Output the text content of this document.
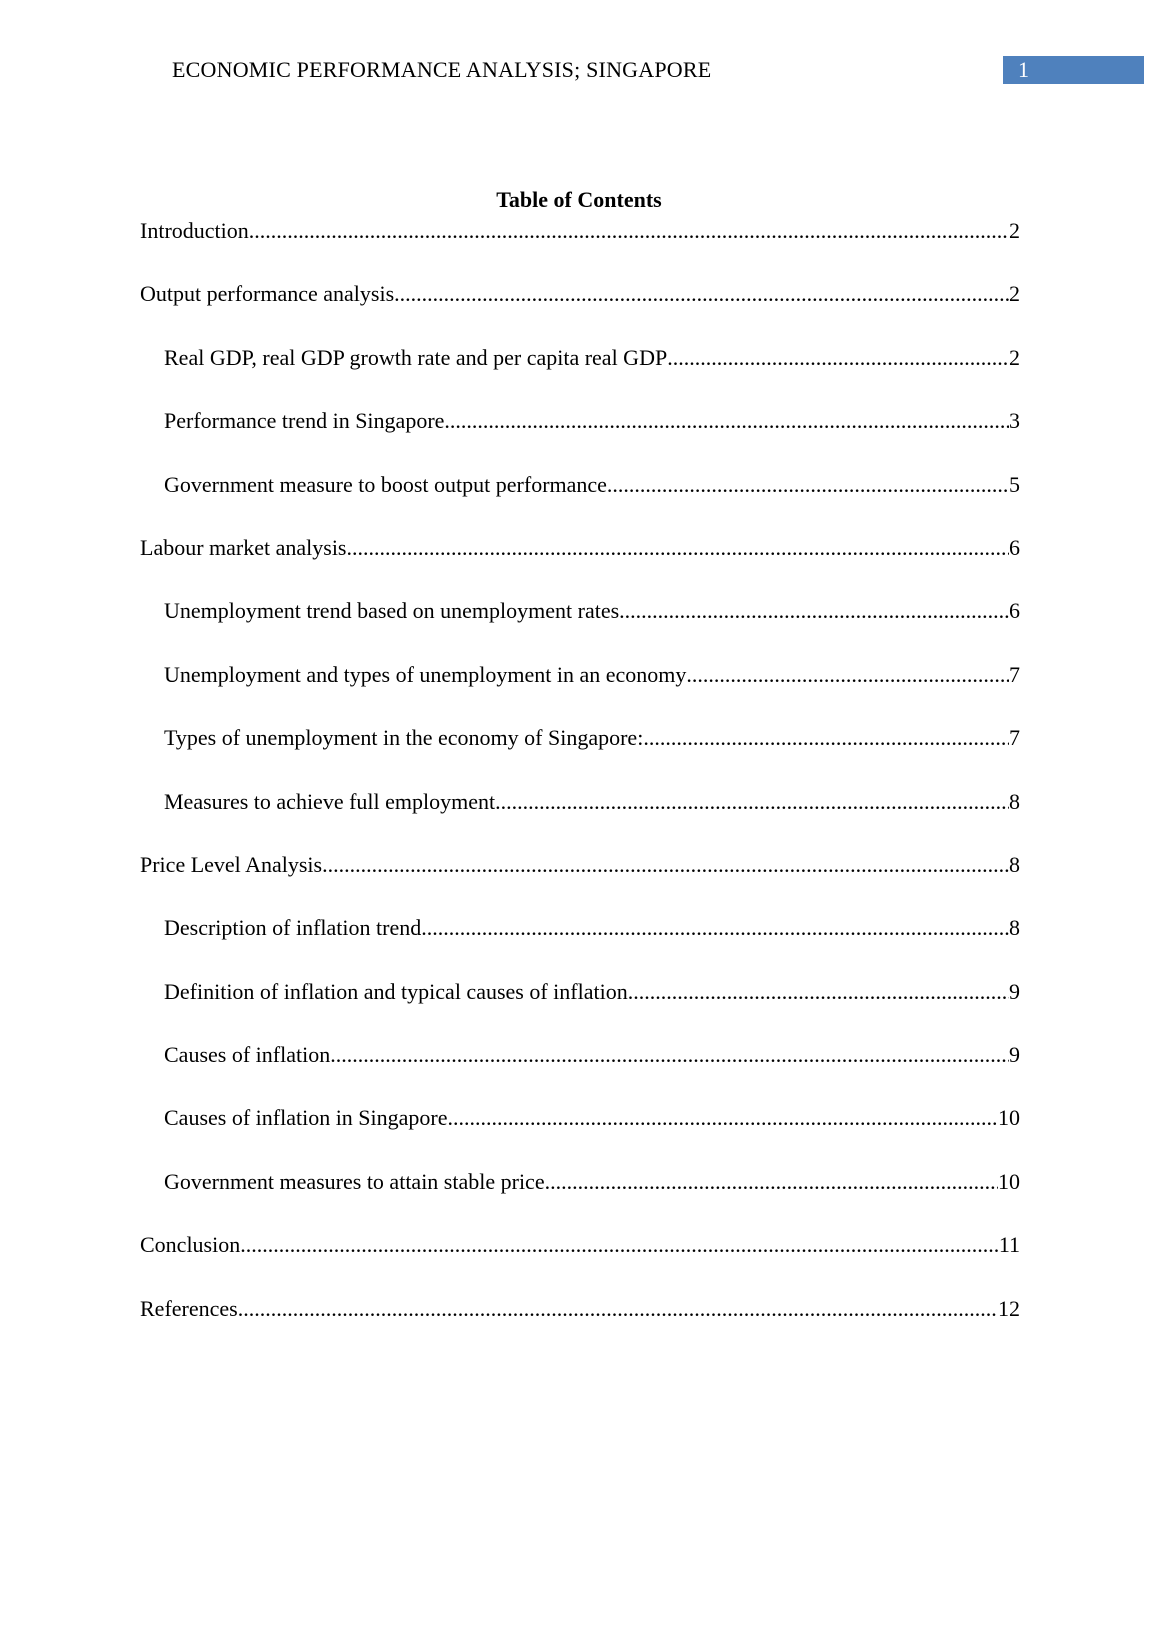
ECONOMIC PERFORMANCE ANALYSIS; SINGAPORE	1
Table of Contents
Introduction .....	2
Output performance analysis .....	2
Real GDP, real GDP growth rate and per capita real GDP .....	2
Performance trend in Singapore .....	3
Government measure to boost output performance .....	5
Labour market analysis .....	6
Unemployment trend based on unemployment rates .....	6
Unemployment and types of unemployment in an economy .....	7
Types of unemployment in the economy of Singapore: .....	7
Measures to achieve full employment .....	8
Price Level Analysis .....	8
Description of inflation trend .....	8
Definition of inflation and typical causes of inflation .....	9
Causes of inflation .....	9
Causes of inflation in Singapore .....	10
Government measures to attain stable price .....	10
Conclusion .....	11
References .....	12
